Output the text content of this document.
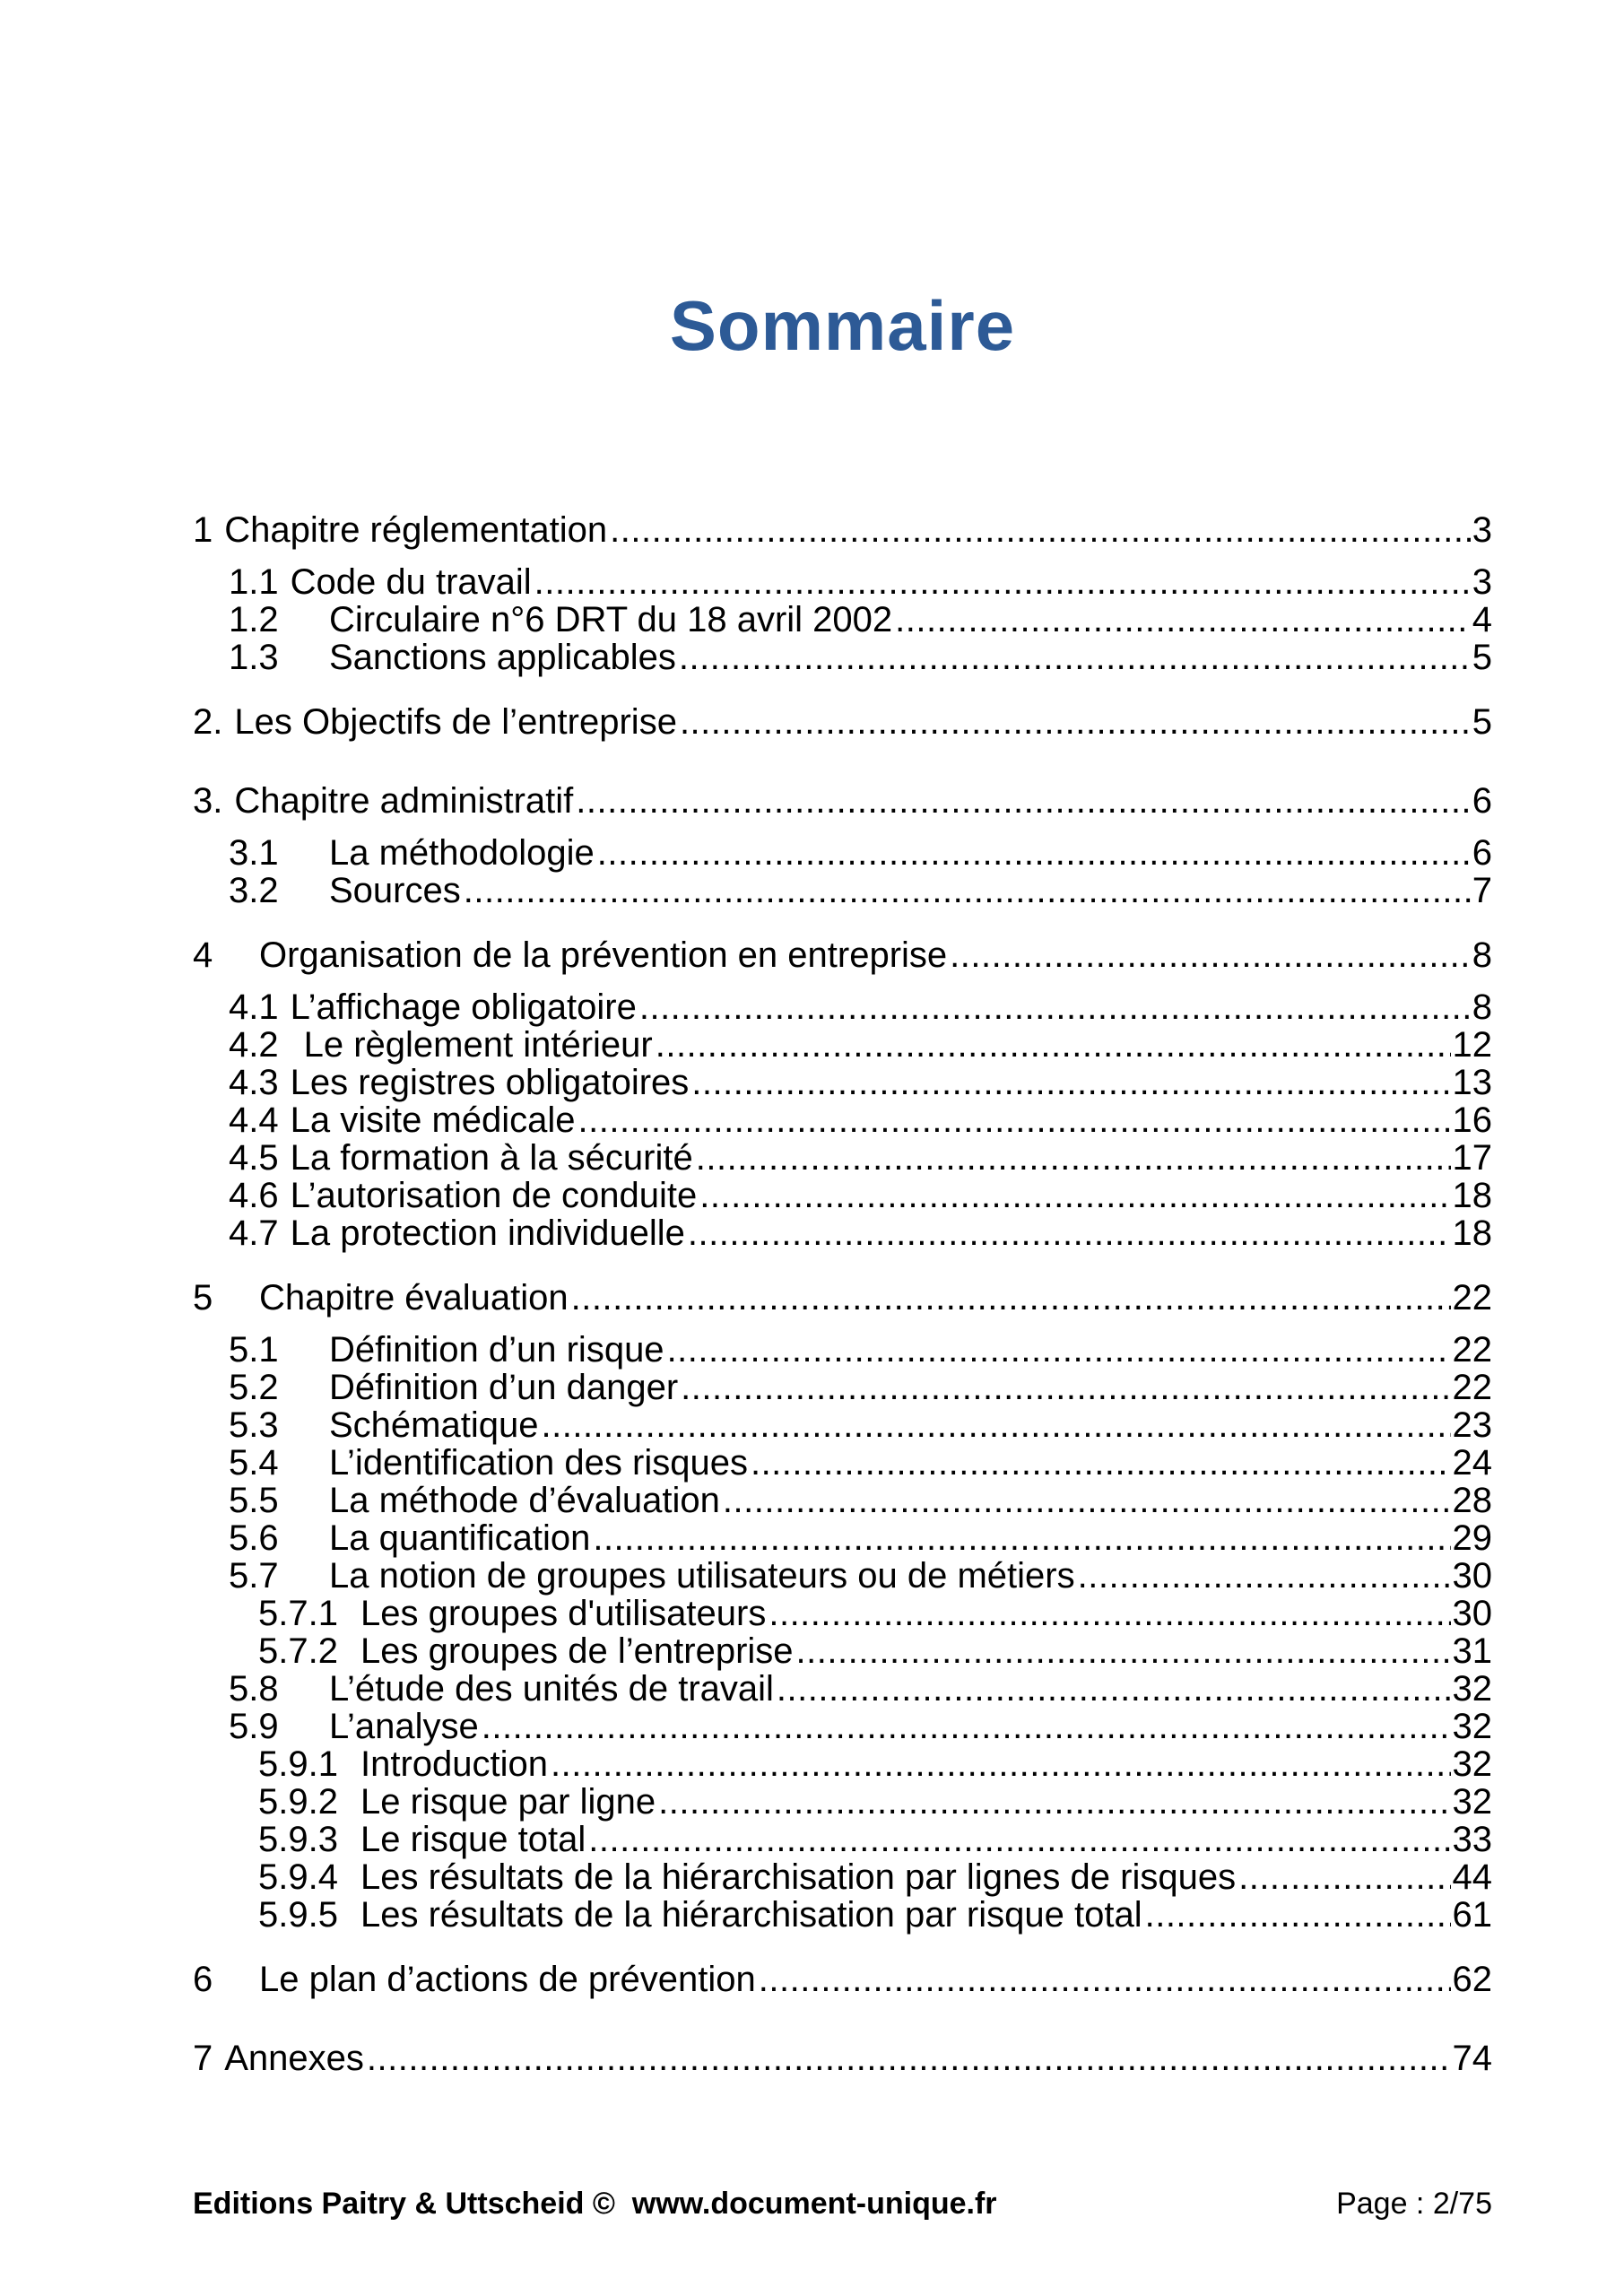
Sommaire
1 Chapitre réglementation .....	3
1.1 Code du travail .....	3
1.2	Circulaire n°6 DRT du 18 avril 2002 .....	4
1.3	Sanctions applicables .....	5
2. Les Objectifs de l’entreprise .....	5
3. Chapitre administratif .....	6
3.1	La méthodologie .....	6
3.2	Sources .....	7
4	Organisation de la prévention en entreprise .....	8
4.1 L’affichage obligatoire .....	8
4.2 Le règlement intérieur .....	12
4.3 Les registres obligatoires .....	13
4.4 La visite médicale .....	16
4.5 La formation à la sécurité .....	17
4.6 L’autorisation de conduite .....	18
4.7 La protection individuelle .....	18
5	Chapitre évaluation .....	22
5.1	Définition d’un risque .....	22
5.2	Définition d’un danger .....	22
5.3	Schématique .....	23
5.4	L’identification des risques .....	24
5.5	La méthode d’évaluation .....	28
5.6	La quantification .....	29
5.7	La notion de groupes utilisateurs ou de métiers .....	30
5.7.1 Les groupes d'utilisateurs .....	30
5.7.2 Les groupes de l’entreprise .....	31
5.8	L’étude des unités de travail .....	32
5.9	L’analyse .....	32
5.9.1 Introduction .....	32
5.9.2 Le risque par ligne .....	32
5.9.3 Le risque total .....	33
5.9.4 Les résultats de la hiérarchisation par lignes de risques .....	44
5.9.5 Les résultats de la hiérarchisation par risque total .....	61
6	Le plan d’actions de prévention .....	62
7 Annexes .....	74
Editions Paitry & Uttscheid ©  www.document-unique.fr	Page : 2/75
